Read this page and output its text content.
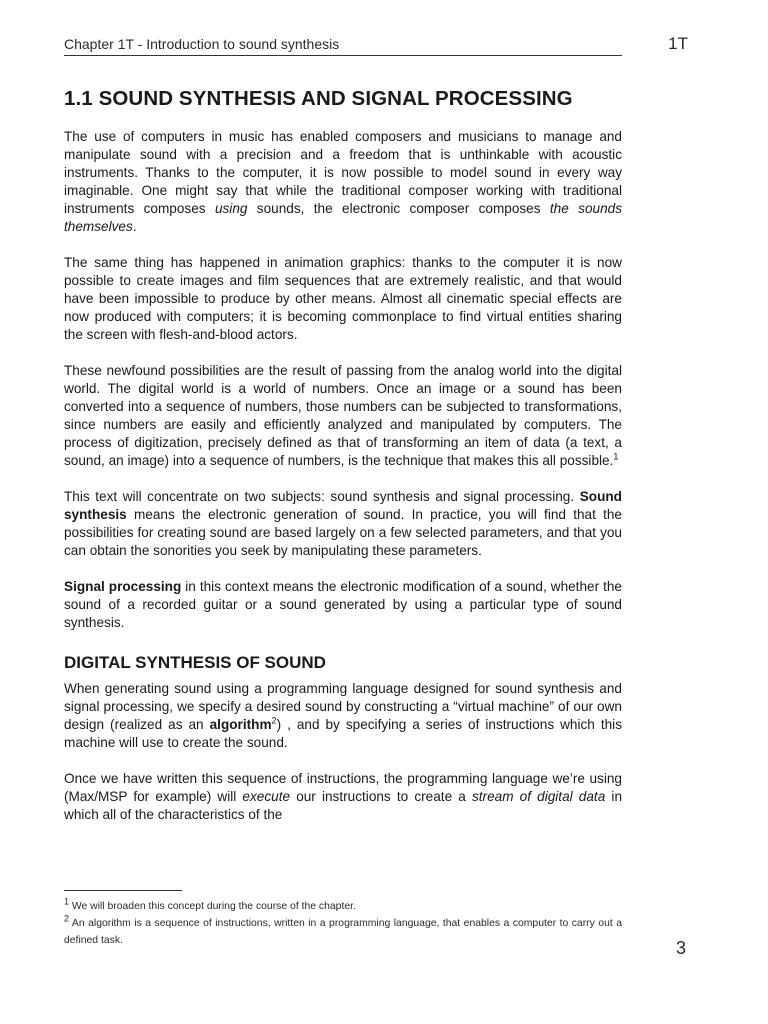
Chapter 1T - Introduction to sound synthesis	1T
1.1 SOUND SYNTHESIS AND SIGNAL PROCESSING

The use of computers in music has enabled composers and musicians to manage and manipulate sound with a precision and a freedom that is unthinkable with acoustic instruments. Thanks to the computer, it is now possible to model sound in every way imaginable. One might say that while the traditional composer working with traditional instruments composes using sounds, the electronic composer composes the sounds themselves.

The same thing has happened in animation graphics: thanks to the computer it is now possible to create images and film sequences that are extremely realistic, and that would have been impossible to produce by other means. Almost all cinematic special effects are now produced with computers; it is becoming commonplace to find virtual entities sharing the screen with flesh-and-blood actors.

These newfound possibilities are the result of passing from the analog world into the digital world. The digital world is a world of numbers. Once an image or a sound has been converted into a sequence of numbers, those numbers can be subjected to transformations, since numbers are easily and efficiently analyzed and manipulated by computers. The process of digitization, precisely defined as that of transforming an item of data (a text, a sound, an image) into a sequence of numbers, is the technique that makes this all possible.$^1$

This text will concentrate on two subjects: sound synthesis and signal processing. Sound synthesis means the electronic generation of sound. In practice, you will find that the possibilities for creating sound are based largely on a few selected parameters, and that you can obtain the sonorities you seek by manipulating these parameters.

Signal processing in this context means the electronic modification of a sound, whether the sound of a recorded guitar or a sound generated by using a particular type of sound synthesis.

DIGITAL SYNTHESIS OF SOUND

When generating sound using a programming language designed for sound synthesis and signal processing, we specify a desired sound by constructing a “virtual machine” of our own design (realized as an algorithm$^2$) , and by specifying a series of instructions which this machine will use to create the sound.

Once we have written this sequence of instructions, the programming language we’re using (Max/MSP for example) will execute our instructions to create a stream of digital data in which all of the characteristics of the

$^1$ We will broaden this concept during the course of the chapter.

$^2$ An algorithm is a sequence of instructions, written in a programming language, that enables a computer to carry out a defined task.	3
